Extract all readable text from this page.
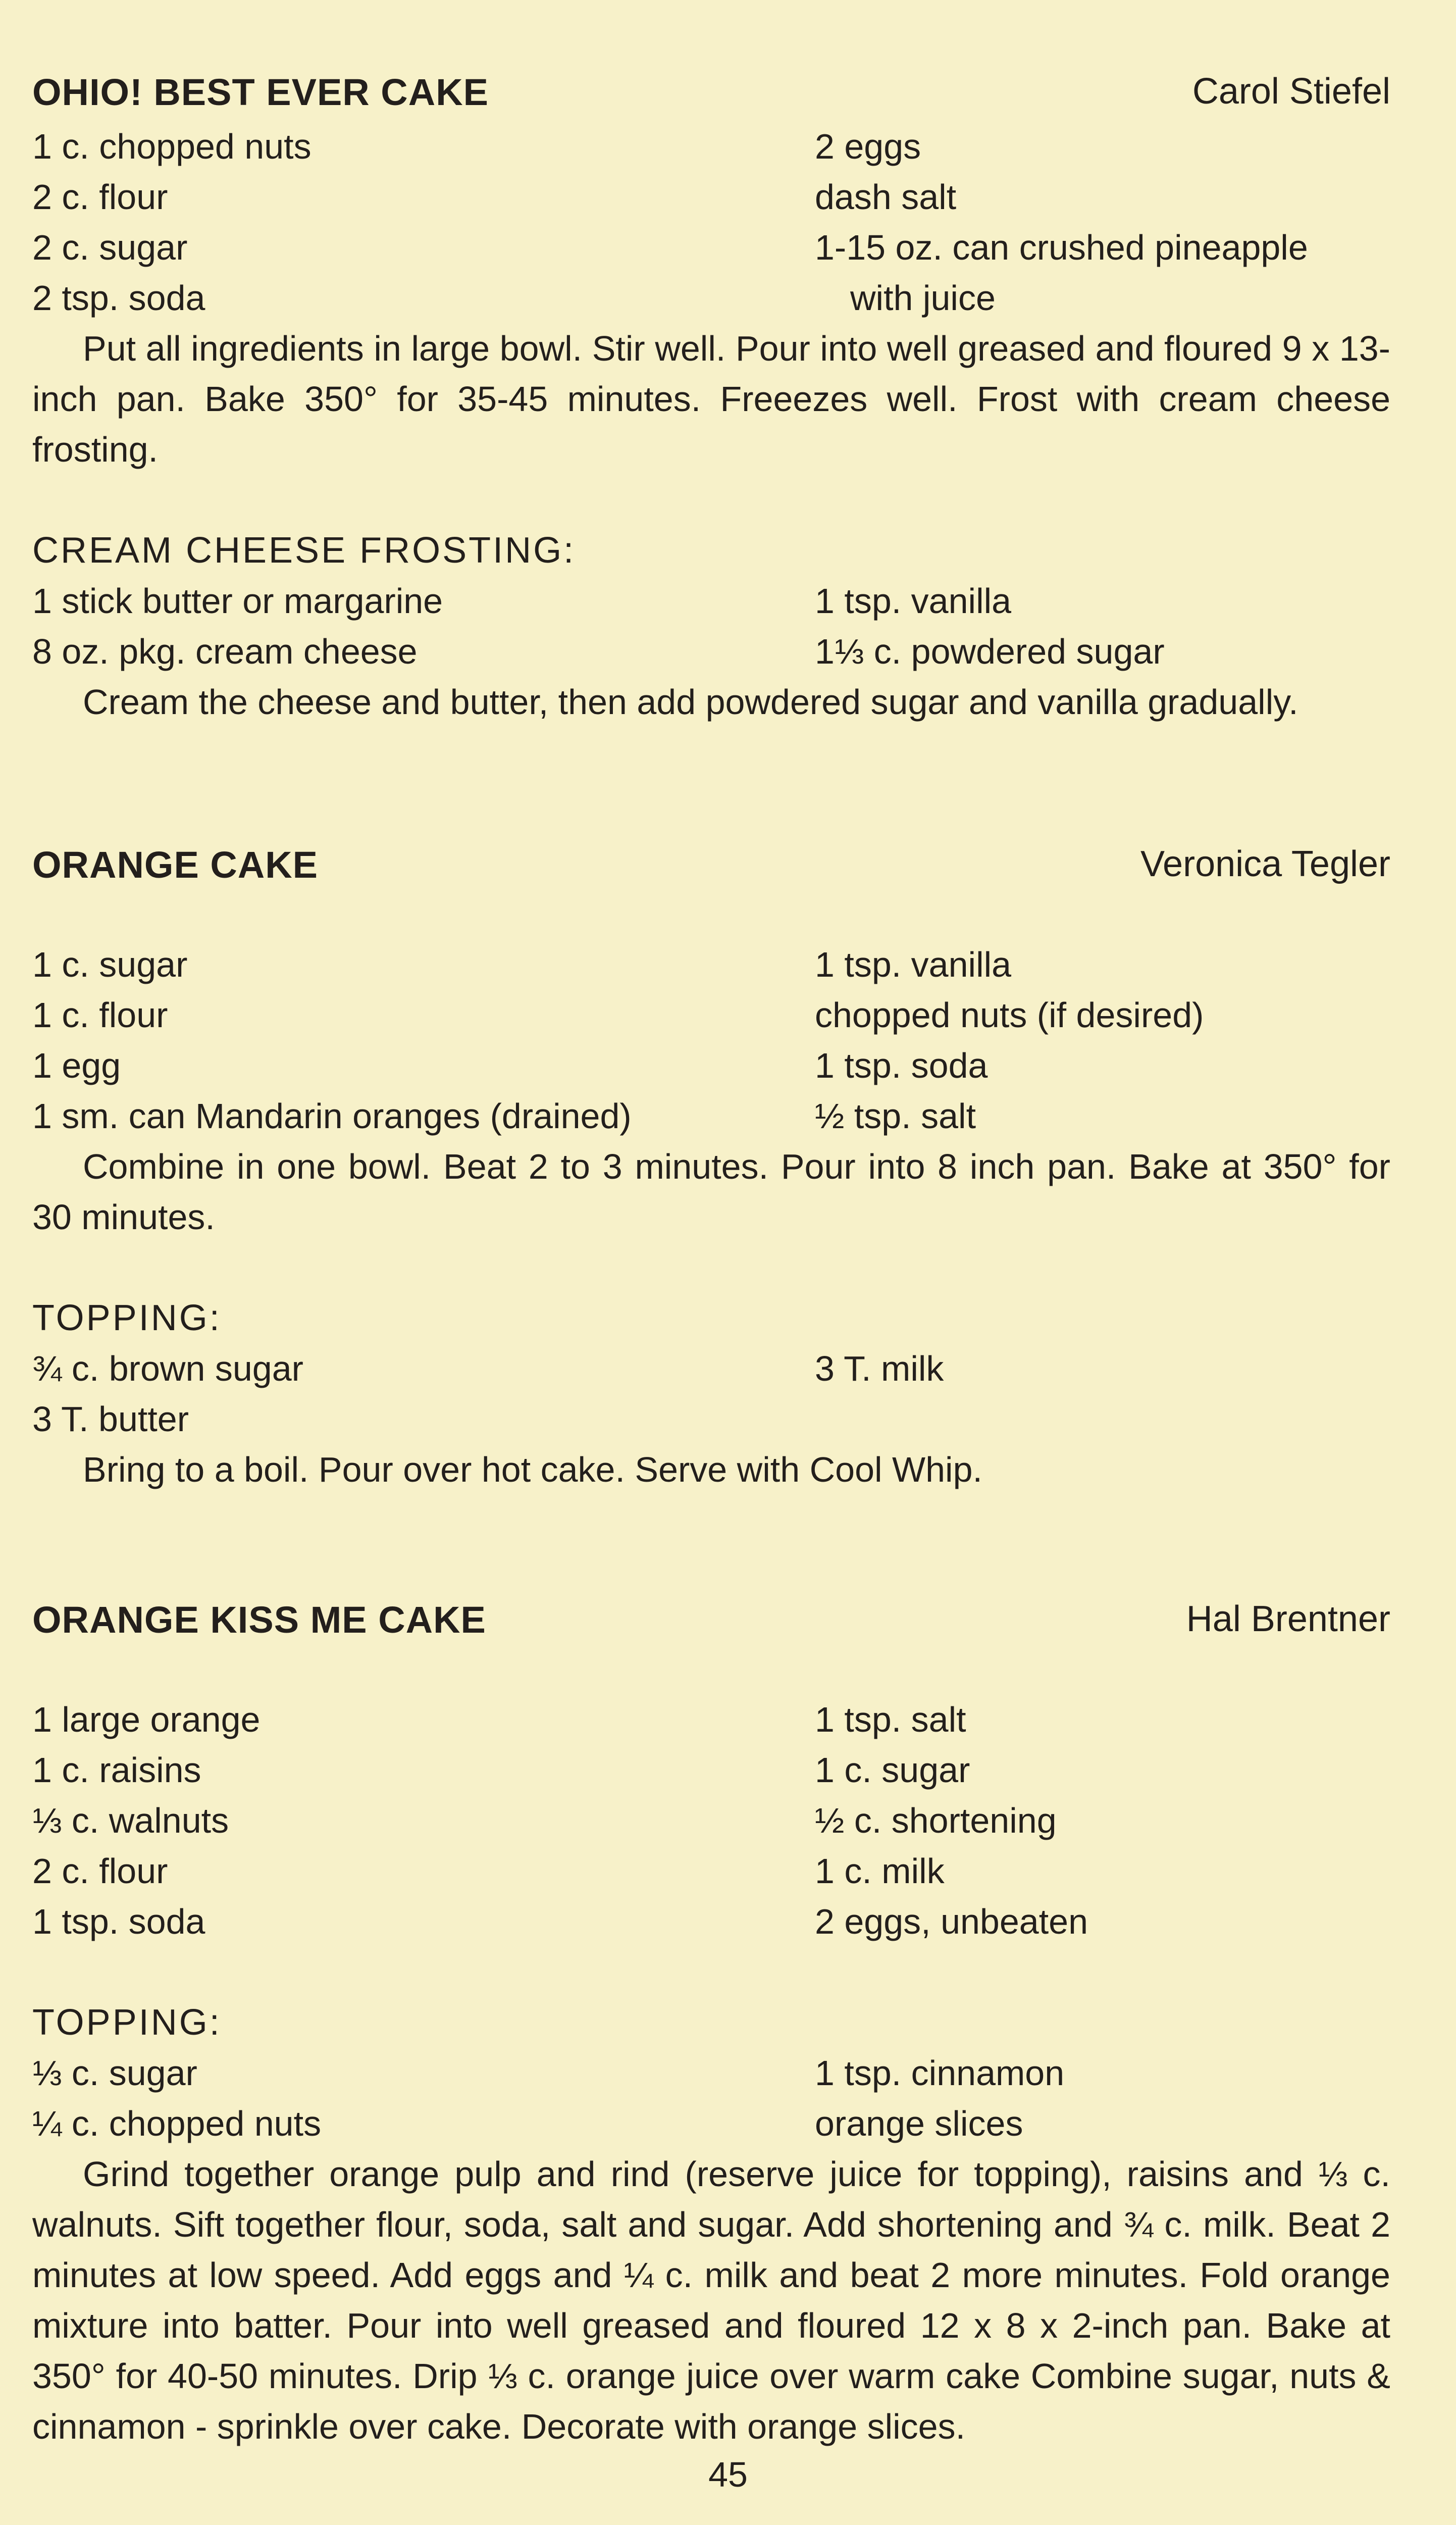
OHIO! BEST EVER CAKE	Carol Stiefel
1 c. chopped nuts	2 eggs
2 c. flour	dash salt
2 c. sugar	1-15 oz. can crushed pineapple
2 tsp. soda	with juice

Put all ingredients in large bowl. Stir well. Pour into well greased and floured 9 x 13-inch pan. Bake 350° for 35-45 minutes. Freeezes well. Frost with cream cheese frosting.

CREAM CHEESE FROSTING:
1 stick butter or margarine	1 tsp. vanilla
8 oz. pkg. cream cheese	1⅓ c. powdered sugar

Cream the cheese and butter, then add powdered sugar and vanilla gradually.

ORANGE CAKE	Veronica Tegler
1 c. sugar	1 tsp. vanilla
1 c. flour	chopped nuts (if desired)
1 egg	1 tsp. soda
1 sm. can Mandarin oranges (drained)	½ tsp. salt

Combine in one bowl. Beat 2 to 3 minutes. Pour into 8 inch pan. Bake at 350° for 30 minutes.

TOPPING:
¾ c. brown sugar	3 T. milk
3 T. butter

Bring to a boil. Pour over hot cake. Serve with Cool Whip.

ORANGE KISS ME CAKE	Hal Brentner
1 large orange	1 tsp. salt
1 c. raisins	1 c. sugar
⅓ c. walnuts	½ c. shortening
2 c. flour	1 c. milk
1 tsp. soda	2 eggs, unbeaten
TOPPING:
⅓ c. sugar	1 tsp. cinnamon
¼ c. chopped nuts	orange slices

Grind together orange pulp and rind (reserve juice for topping), raisins and ⅓ c. walnuts. Sift together flour, soda, salt and sugar. Add shortening and ¾ c. milk. Beat 2 minutes at low speed. Add eggs and ¼ c. milk and beat 2 more minutes. Fold orange mixture into batter. Pour into well greased and floured 12 x 8 x 2-inch pan. Bake at 350° for 40-50 minutes. Drip ⅓ c. orange juice over warm cake Combine sugar, nuts & cinnamon - sprinkle over cake. Decorate with orange slices.

45
